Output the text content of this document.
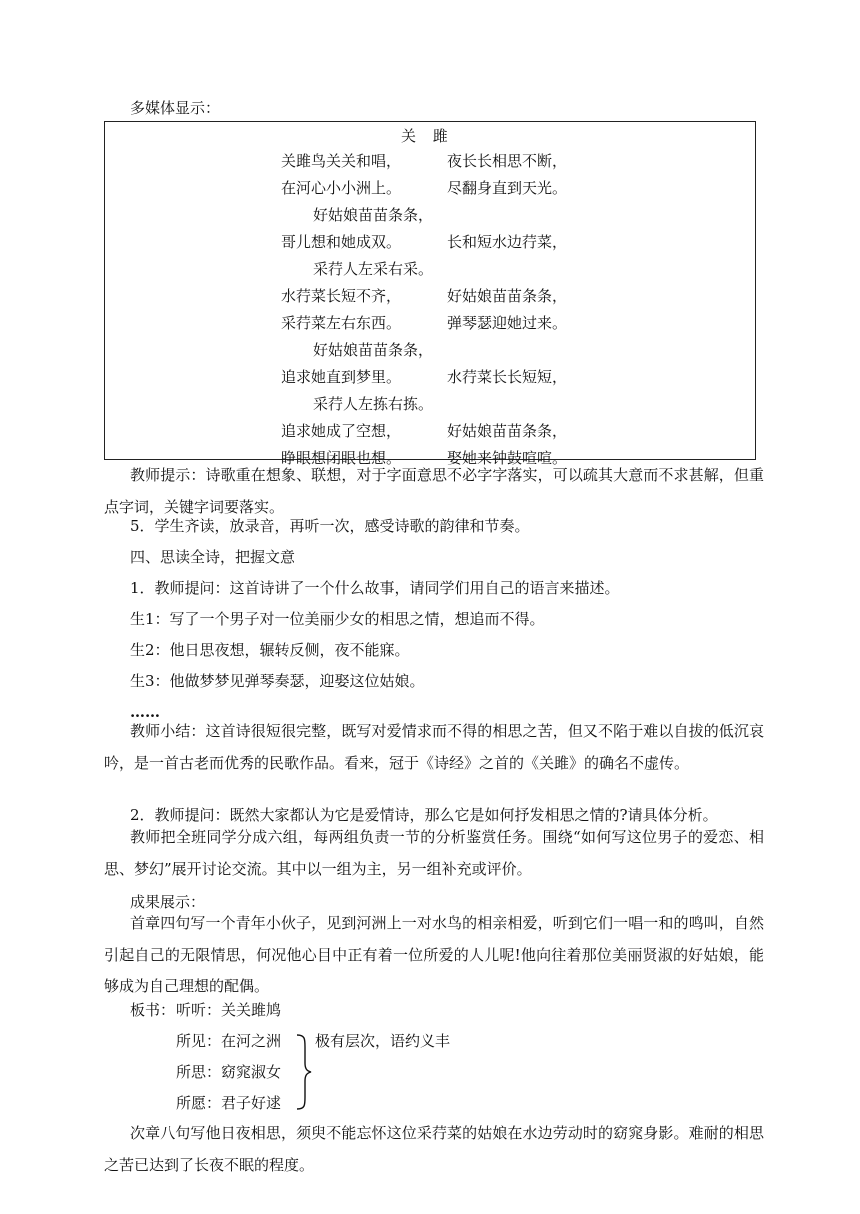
多媒体显示：
关 雎
关雎鸟关关和唱，	夜长长相思不断，
在河心小小洲上。	尽翻身直到天光。
好姑娘苗苗条条，
哥儿想和她成双。	长和短水边荇菜，
采荇人左采右采。
水荇菜长短不齐，	好姑娘苗苗条条，
采荇菜左右东西。	弹琴瑟迎她过来。
好姑娘苗苗条条，
追求她直到梦里。	水荇菜长长短短，
采荇人左拣右拣。
追求她成了空想，	好姑娘苗苗条条，
睁眼想闭眼也想。	娶她来钟鼓喧喧。
教师提示：诗歌重在想象、联想，对于字面意思不必字字落实，可以疏其大意而不求甚解，但重点字词，关键字词要落实。
5．学生齐读，放录音，再听一次，感受诗歌的韵律和节奏。
四、思读全诗，把握文意
1．教师提问：这首诗讲了一个什么故事，请同学们用自己的语言来描述。
生1：写了一个男子对一位美丽少女的相思之情，想追而不得。
生2：他日思夜想，辗转反侧，夜不能寐。
生3：他做梦梦见弹琴奏瑟，迎娶这位姑娘。
……
教师小结：这首诗很短很完整，既写对爱情求而不得的相思之苦，但又不陷于难以自拔的低沉哀吟，是一首古老而优秀的民歌作品。看来，冠于《诗经》之首的《关雎》的确名不虚传。
2．教师提问：既然大家都认为它是爱情诗，那么它是如何抒发相思之情的?请具体分析。
教师把全班同学分成六组，每两组负责一节的分析鉴赏任务。围绕“如何写这位男子的爱恋、相思、梦幻”展开讨论交流。其中以一组为主，另一组补充或评价。
成果展示：
首章四句写一个青年小伙子，见到河洲上一对水鸟的相亲相爱，听到它们一唱一和的鸣叫，自然引起自己的无限情思，何况他心目中正有着一位所爱的人儿呢!他向往着那位美丽贤淑的好姑娘，能够成为自己理想的配偶。
板书： 听听：关关雎鸠
所见：在河之洲
所思：窈窕淑女
所愿：君子好逑
极有层次，语约义丰
次章八句写他日夜相思，须臾不能忘怀这位采荇菜的姑娘在水边劳动时的窈窕身影。难耐的相思之苦已达到了长夜不眠的程度。
